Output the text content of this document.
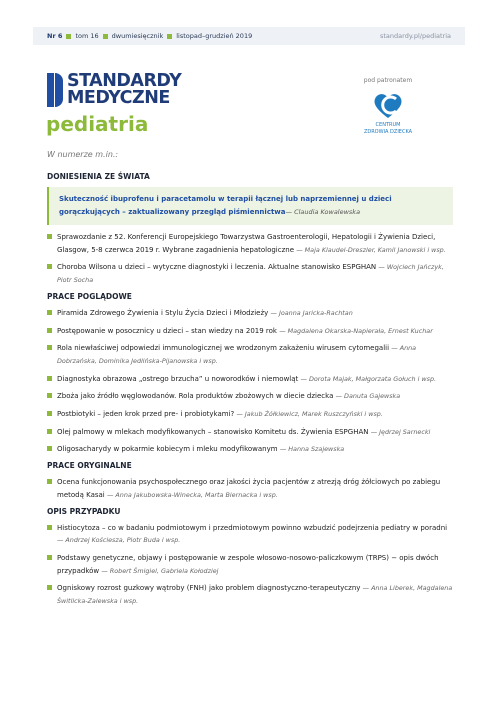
Nr 6 tom 16 dwumiesięcznik listopad–grudzień 2019	standardy.pl/pediatria
STANDARDY
MEDYCZNE
pediatria
pod patronatem
CENTRUM
ZDROWIA DZIECKA
W numerze m.in.:
DONIESIENIA ZE ŚWIATA
Skuteczność ibuprofenu i paracetamolu w terapii łącznej lub naprzemiennej u dzieci gorączkujących – zaktualizowany przegląd piśmiennictwa— Claudia Kowalewska
Sprawozdanie z 52. Konferencji Europejskiego Towarzystwa Gastroenterologii, Hepatologii i Żywienia Dzieci, Glasgow, 5-8 czerwca 2019 r. Wybrane zagadnienia hepatologiczne — Maja Klaudel-Dreszler, Kamil Janowski i wsp.
Choroba Wilsona u dzieci – wytyczne diagnostyki i leczenia. Aktualne stanowisko ESPGHAN — Wojciech Jańczyk, Piotr Socha
PRACE POGLĄDOWE
Piramida Zdrowego Żywienia i Stylu Życia Dzieci i Młodzieży — Joanna Jaricka-Rachtan
Postępowanie w posocznicy u dzieci – stan wiedzy na 2019 rok — Magdalena Okarska-Napierała, Ernest Kuchar
Rola niewłaściwej odpowiedzi immunologicznej we wrodzonym zakażeniu wirusem cytomegalii — Anna Dobrzańska, Dominika Jedlińska-Pijanowska i wsp.
Diagnostyka obrazowa „ostrego brzucha” u noworodków i niemowląt — Dorota Majak, Małgorzata Gołuch i wsp.
Zboża jako źródło węglowodanów. Rola produktów zbożowych w diecie dziecka — Danuta Gajewska
Postbiotyki – jeden krok przed pre- i probiotykami? — Jakub Żółkiewicz, Marek Ruszczyński i wsp.
Olej palmowy w mlekach modyfikowanych – stanowisko Komitetu ds. Żywienia ESPGHAN — Jędrzej Sarnecki
Oligosacharydy w pokarmie kobiecym i mleku modyfikowanym — Hanna Szajewska
PRACE ORYGINALNE
Ocena funkcjonowania psychospołecznego oraz jakości życia pacjentów z atrezją dróg żółciowych po zabiegu metodą Kasai — Anna Jakubowska-Winecka, Marta Biernacka i wsp.
OPIS PRZYPADKU
Histiocytoza – co w badaniu podmiotowym i przedmiotowym powinno wzbudzić podejrzenia pediatry w poradni — Andrzej Kościesza, Piotr Buda i wsp.
Podstawy genetyczne, objawy i postępowanie w zespole włosowo-nosowo-paliczkowym (TRPS) − opis dwóch przypadków — Robert Śmigiel, Gabriela Kołodziej
Ogniskowy rozrost guzkowy wątroby (FNH) jako problem diagnostyczno-terapeutyczny — Anna Liberek, Magdalena Świtlicka-Zalewska i wsp.
